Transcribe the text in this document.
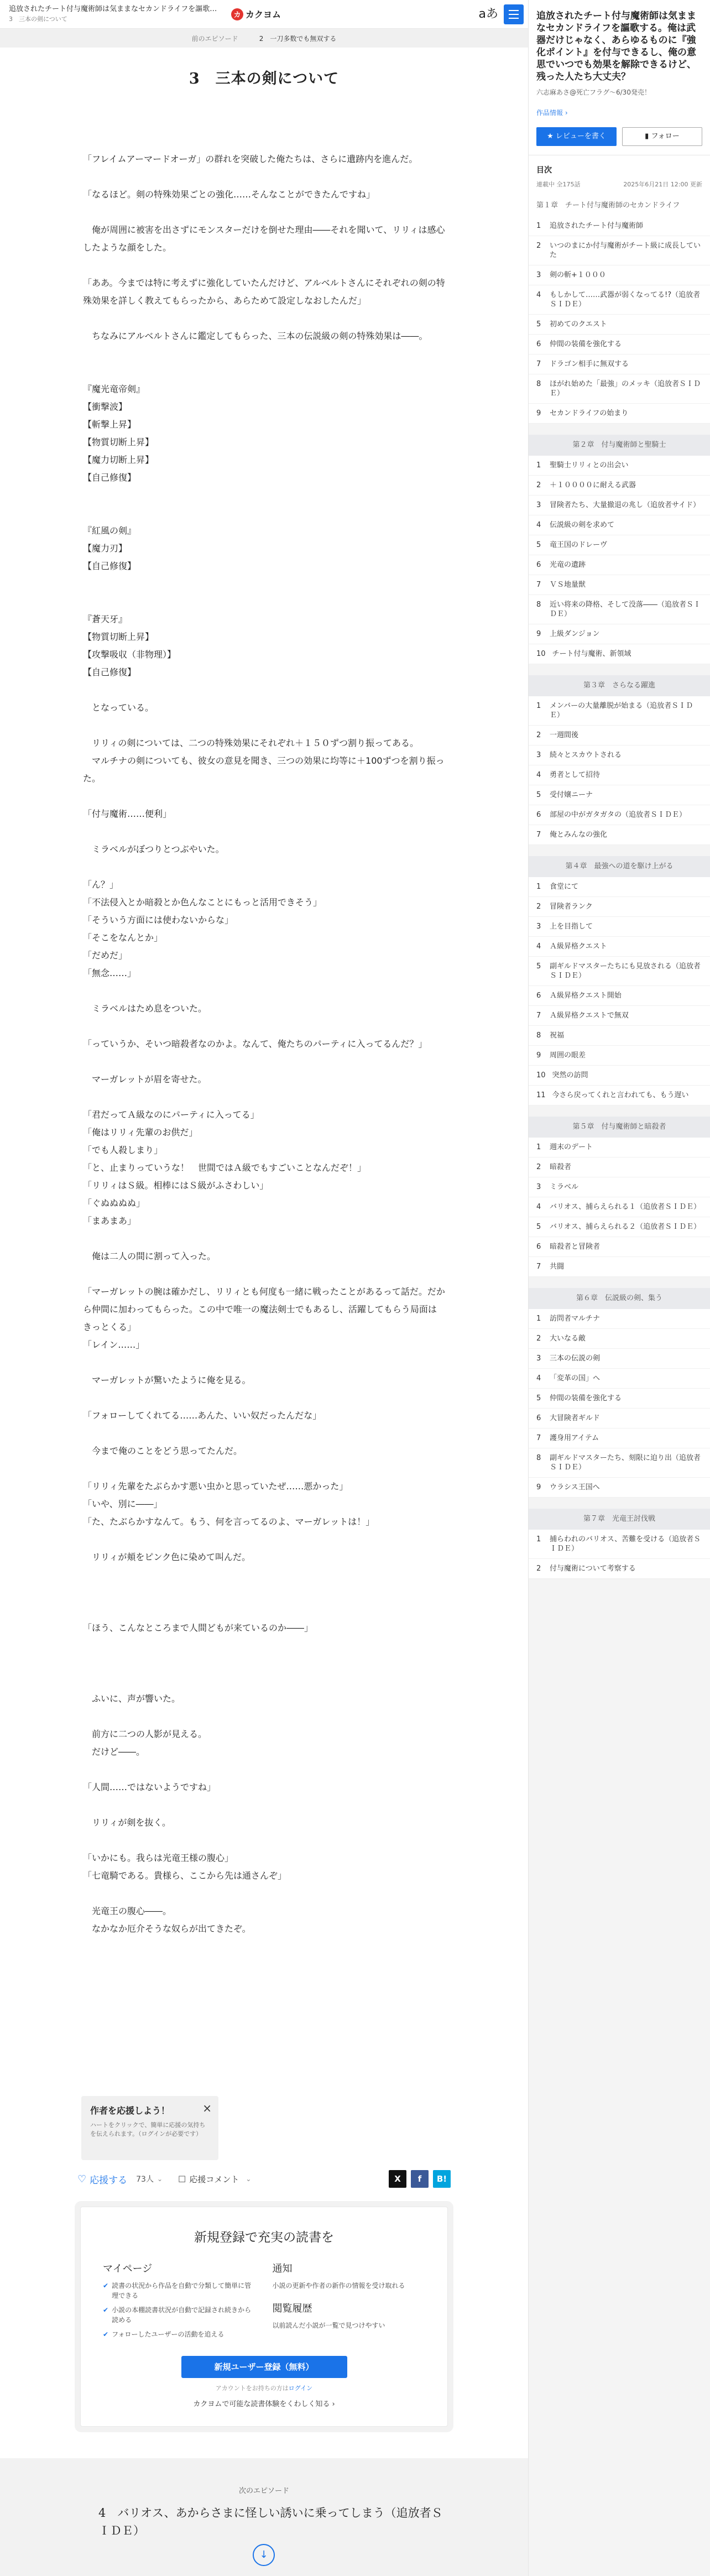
追放されたチート付与魔術師は気ままなセカンドライフを謳歌…
3　三本の剣について	カ カクヨム	aあ
前のエピソード	2　一刀多数でも無双する
3　三本の剣について

「フレイムアーマードオーガ」の群れを突破した俺たちは、さらに遺跡内を進んだ。

「なるほど。剣の特殊効果ごとの強化……そんなことができたんですね」

　俺が周囲に被害を出さずにモンスターだけを倒せた理由――それを聞いて、リリィは感心したような顔をした。

「ああ。今までは特に考えずに強化していたんだけど、アルベルトさんにそれぞれの剣の特殊効果を詳しく教えてもらったから、あらためて設定しなおしたんだ」

　ちなみにアルベルトさんに鑑定してもらった、三本の伝説級の剣の特殊効果は――。

『魔光竜帝剣』

【衝撃波】

【斬撃上昇】

【物質切断上昇】

【魔力切断上昇】

【自己修復】

『紅風の剣』

【魔力刃】

【自己修復】

『蒼天牙』

【物質切断上昇】

【攻撃吸収（非物理）】

【自己修復】

　となっている。

　リリィの剣については、二つの特殊効果にそれぞれ＋１５０ずつ割り振ってある。

　マルチナの剣についても、彼女の意見を聞き、三つの効果に均等に＋100ずつを割り振った。

「付与魔術……便利」

　ミラベルがぼつりとつぶやいた。

「ん？」

「不法侵入とか暗殺とか色んなことにもっと活用できそう」

「そういう方面には使わないからな」

「そこをなんとか」

「だめだ」

「無念……」

　ミラベルはため息をついた。

「っていうか、そいつ暗殺者なのかよ。なんて、俺たちのパーティに入ってるんだ？」

　マーガレットが眉を寄せた。

「君だってＡ級なのにパーティに入ってる」

「俺はリリィ先輩のお供だ」

「でも人殺しまり」

「と、止まりっていうな！　世間ではＡ級でもすごいことなんだぞ！」

「リリィはＳ級。相棒にはＳ級がふさわしい」

「ぐぬぬぬぬ」

「まあまあ」

　俺は二人の間に割って入った。

「マーガレットの腕は確かだし、リリィとも何度も一緒に戦ったことがあるって話だ。だから仲間に加わってもらった。この中で唯一の魔法剣士でもあるし、活躍してもらう局面はきっとくる」

「レイン……」

　マーガレットが驚いたように俺を見る。

「フォローしてくれてる……あんた、いい奴だったんだな」

　今まで俺のことをどう思ってたんだ。

「リリィ先輩をたぶらかす悪い虫かと思っていたぜ……悪かった」

「いや、別に――」

「た、たぶらかすなんて。もう、何を言ってるのよ、マーガレットは！」

　リリィが頬をピンク色に染めて叫んだ。

「ほう、こんなところまで人間どもが来ているのか――」

　ふいに、声が響いた。

　前方に二つの人影が見える。

　だけど――。

「人間……ではないようですね」

　リリィが剣を抜く。

「いかにも。我らは光竜王様の腹心」

「七竜騎である。貴様ら、ここから先は通さんぞ」

　光竜王の腹心――。

　なかなか厄介そうな奴らが出てきたぞ。

作者を応援しよう！

ハートをクリックで、簡単に応援の気持ちを伝えられます。（ログインが必要です）

×
♡ 応援する 73人 ⌄ ☐ 応援コメント ⌄	X	f	B!
新規登録で充実の読書を
マイページ
✔ 読書の状況から作品を自動で分類して簡単に管理できる
✔ 小説の本棚読書状況が自動で記録され続きから読める
✔ フォローしたユーザーの活動を追える
通知

小説の更新や作者の新作の情報を受け取れる

閲覧履歴

以前読んだ小説が一覧で見つけやすい

新規ユーザー登録（無料）

アカウントをお持ちの方はログイン

カクヨムで可能な読書体験をくわしく知る ›

次のエピソード

4　バリオス、あからさまに怪しい誘いに乗ってしまう（追放者ＳＩＤＥ）

↓
追放されたチート付与魔術師は気ままなセカンドライフを謳歌する。俺は武器だけじゃなく、あらゆるものに『強化ポイント』を付与できるし、俺の意思でいつでも効果を解除できるけど、残った人たち大丈夫？

六志麻あさ@死亡フラグ〜6/30発売！

作品情報 ›

★ レビューを書く	▮ フォロー
目次
連載中 全175話	2025年6月21日 12:00 更新
第１章　チート付与魔術師のセカンドライフ
1 追放されたチート付与魔術師
2 いつのまにか付与魔術がチート級に成長していた
3 剣の斬+１０００
4 もしかして……武器が弱くなってる!?（追放者ＳＩＤＥ）
5 初めてのクエスト
6 仲間の装備を強化する
7 ドラゴン相手に無双する
8 ほがれ始めた「最強」のメッキ（追放者ＳＩＤＥ）
9 セカンドライフの始まり
第２章　付与魔術師と聖騎士
1 聖騎士リリィとの出会い
2 ＋１００００に耐える武器
3 冒険者たち、大量撤退の兆し（追放者サイド）
4 伝説級の剣を求めて
5 竜王国のドレーヴ
6 光竜の遺跡
7 ＶＳ地量獣
8 近い将来の降格、そして没落――（追放者ＳＩＤＥ）
9 上級ダンジョン
10 チート付与魔術、新領域
第３章　さらなる躍進
1 メンバーの大量離脱が始まる（追放者ＳＩＤＥ）
2 一週間後
3 続々とスカウトされる
4 勇者として招待
5 受付嬢ニーナ
6 部屋の中がガタガタの（追放者ＳＩＤＥ）
7 俺とみんなの強化
第４章　最強への道を駆け上がる
1 食堂にて
2 冒険者ランク
3 上を目指して
4 Ａ級昇格クエスト
5 副ギルドマスターたちにも見放される（追放者ＳＩＤＥ）
6 Ａ級昇格クエスト開始
7 Ａ級昇格クエストで無双
8 祝福
9 周囲の眼差
10 突然の訪問
11 今さら戻ってくれと言われても、もう遅い
第５章　付与魔術師と暗殺者
1 週末のデート
2 暗殺者
3 ミラベル
4 バリオス、捕らえられる１（追放者ＳＩＤＥ）
5 バリオス、捕らえられる２（追放者ＳＩＤＥ）
6 暗殺者と冒険者
7 共闘
第６章　伝説級の剣、集う
1 訪問者マルチナ
2 大いなる敵
3 三本の伝説の剣
4 「変革の国」へ
5 仲間の装備を強化する
6 大冒険者ギルド
7 護身用アイテム
8 副ギルドマスターたち、刻限に迫り出（追放者ＳＩＤＥ）
9 ウラシス王国へ
第７章　光竜王討伐戦
1 捕らわれのバリオス、苦難を受ける（追放者ＳＩＤＥ）
2 付与魔術について考察する
